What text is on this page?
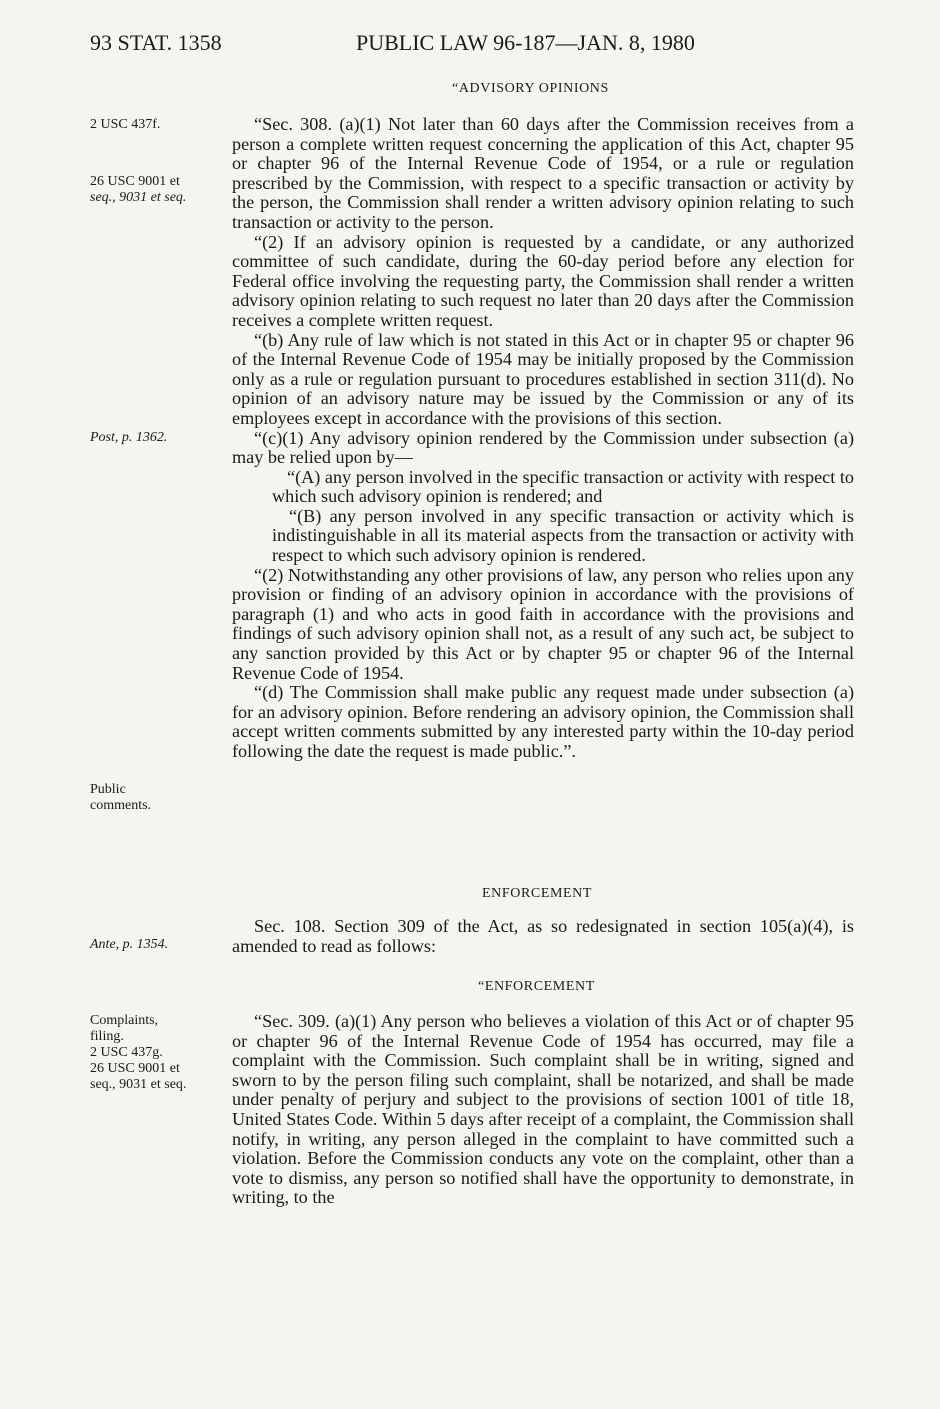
93 STAT. 1358	PUBLIC LAW 96-187—JAN. 8, 1980
2 USC 437f.
26 USC 9001 et
seq., 9031 et seq.
Post, p. 1362.
Public
comments.
Ante, p. 1354.
Complaints,
filing.
2 USC 437g.
26 USC 9001 et
seq., 9031 et seq.
“ADVISORY OPINIONS
ENFORCEMENT
“ENFORCEMENT

“Sec. 308. (a)(1) Not later than 60 days after the Commission receives from a person a complete written request concerning the application of this Act, chapter 95 or chapter 96 of the Internal Revenue Code of 1954, or a rule or regulation prescribed by the Commission, with respect to a specific transaction or activity by the person, the Commission shall render a written advisory opinion relating to such transaction or activity to the person.

“(2) If an advisory opinion is requested by a candidate, or any authorized committee of such candidate, during the 60-day period before any election for Federal office involving the requesting party, the Commission shall render a written advisory opinion relating to such request no later than 20 days after the Commission receives a complete written request.

“(b) Any rule of law which is not stated in this Act or in chapter 95 or chapter 96 of the Internal Revenue Code of 1954 may be initially proposed by the Commission only as a rule or regulation pursuant to procedures established in section 311(d). No opinion of an advisory nature may be issued by the Commission or any of its employees except in accordance with the provisions of this section.

“(c)(1) Any advisory opinion rendered by the Commission under subsection (a) may be relied upon by—

“(A) any person involved in the specific transaction or activity with respect to which such advisory opinion is rendered; and

“(B) any person involved in any specific transaction or activity which is indistinguishable in all its material aspects from the transaction or activity with respect to which such advisory opinion is rendered.

“(2) Notwithstanding any other provisions of law, any person who relies upon any provision or finding of an advisory opinion in accordance with the provisions of paragraph (1) and who acts in good faith in accordance with the provisions and findings of such advisory opinion shall not, as a result of any such act, be subject to any sanction provided by this Act or by chapter 95 or chapter 96 of the Internal Revenue Code of 1954.

“(d) The Commission shall make public any request made under subsection (a) for an advisory opinion. Before rendering an advisory opinion, the Commission shall accept written comments submitted by any interested party within the 10-day period following the date the request is made public.”.

Sec. 108. Section 309 of the Act, as so redesignated in section 105(a)(4), is amended to read as follows:

“Sec. 309. (a)(1) Any person who believes a violation of this Act or of chapter 95 or chapter 96 of the Internal Revenue Code of 1954 has occurred, may file a complaint with the Commission. Such complaint shall be in writing, signed and sworn to by the person filing such complaint, shall be notarized, and shall be made under penalty of perjury and subject to the provisions of section 1001 of title 18, United States Code. Within 5 days after receipt of a complaint, the Commission shall notify, in writing, any person alleged in the complaint to have committed such a violation. Before the Commission conducts any vote on the complaint, other than a vote to dismiss, any person so notified shall have the opportunity to demonstrate, in writing, to the
